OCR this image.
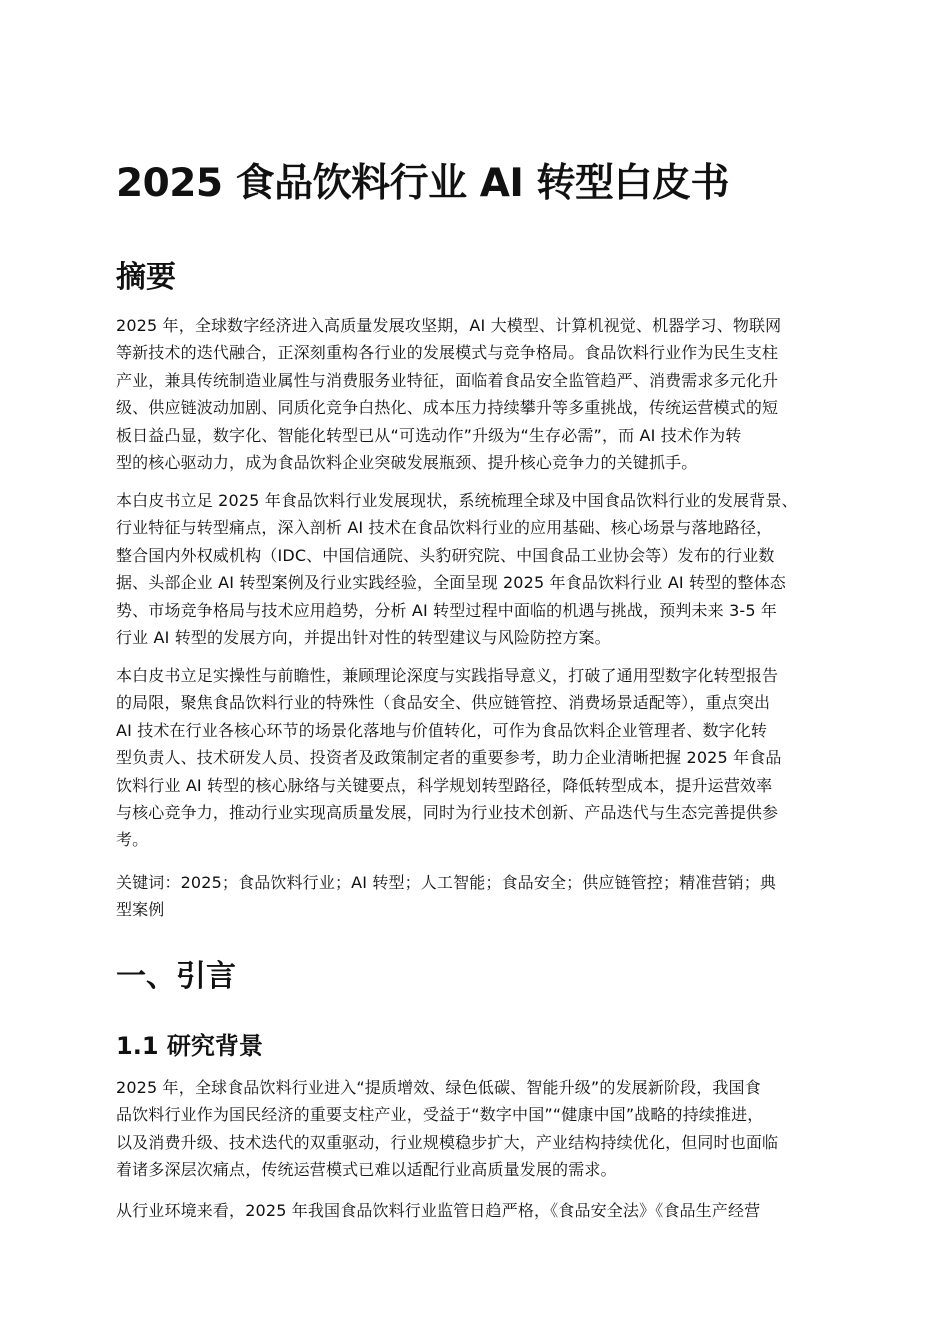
2025 食品饮料行业 AI 转型白皮书
摘要
2025 年，全球数字经济进入高质量发展攻坚期，AI 大模型、计算机视觉、机器学习、物联网
等新技术的迭代融合，正深刻重构各行业的发展模式与竞争格局。食品饮料行业作为民生支柱
产业，兼具传统制造业属性与消费服务业特征，面临着食品安全监管趋严、消费需求多元化升
级、供应链波动加剧、同质化竞争白热化、成本压力持续攀升等多重挑战，传统运营模式的短
板日益凸显，数字化、智能化转型已从“可选动作”升级为“生存必需”，而 AI 技术作为转
型的核心驱动力，成为食品饮料企业突破发展瓶颈、提升核心竞争力的关键抓手。
本白皮书立足 2025 年食品饮料行业发展现状，系统梳理全球及中国食品饮料行业的发展背景、
行业特征与转型痛点，深入剖析 AI 技术在食品饮料行业的应用基础、核心场景与落地路径，
整合国内外权威机构（IDC、中国信通院、头豹研究院、中国食品工业协会等）发布的行业数
据、头部企业 AI 转型案例及行业实践经验，全面呈现 2025 年食品饮料行业 AI 转型的整体态
势、市场竞争格局与技术应用趋势，分析 AI 转型过程中面临的机遇与挑战，预判未来 3-5 年
行业 AI 转型的发展方向，并提出针对性的转型建议与风险防控方案。
本白皮书立足实操性与前瞻性，兼顾理论深度与实践指导意义，打破了通用型数字化转型报告
的局限，聚焦食品饮料行业的特殊性（食品安全、供应链管控、消费场景适配等），重点突出
AI 技术在行业各核心环节的场景化落地与价值转化，可作为食品饮料企业管理者、数字化转
型负责人、技术研发人员、投资者及政策制定者的重要参考，助力企业清晰把握 2025 年食品
饮料行业 AI 转型的核心脉络与关键要点，科学规划转型路径，降低转型成本，提升运营效率
与核心竞争力，推动行业实现高质量发展，同时为行业技术创新、产品迭代与生态完善提供参
考。
关键词：2025；食品饮料行业；AI 转型；人工智能；食品安全；供应链管控；精准营销；典
型案例
一、引言
1.1 研究背景
2025 年，全球食品饮料行业进入“提质增效、绿色低碳、智能升级”的发展新阶段，我国食
品饮料行业作为国民经济的重要支柱产业，受益于“数字中国”“健康中国”战略的持续推进，
以及消费升级、技术迭代的双重驱动，行业规模稳步扩大，产业结构持续优化，但同时也面临
着诸多深层次痛点，传统运营模式已难以适配行业高质量发展的需求。
从行业环境来看，2025 年我国食品饮料行业监管日趋严格，《食品安全法》《食品生产经营
